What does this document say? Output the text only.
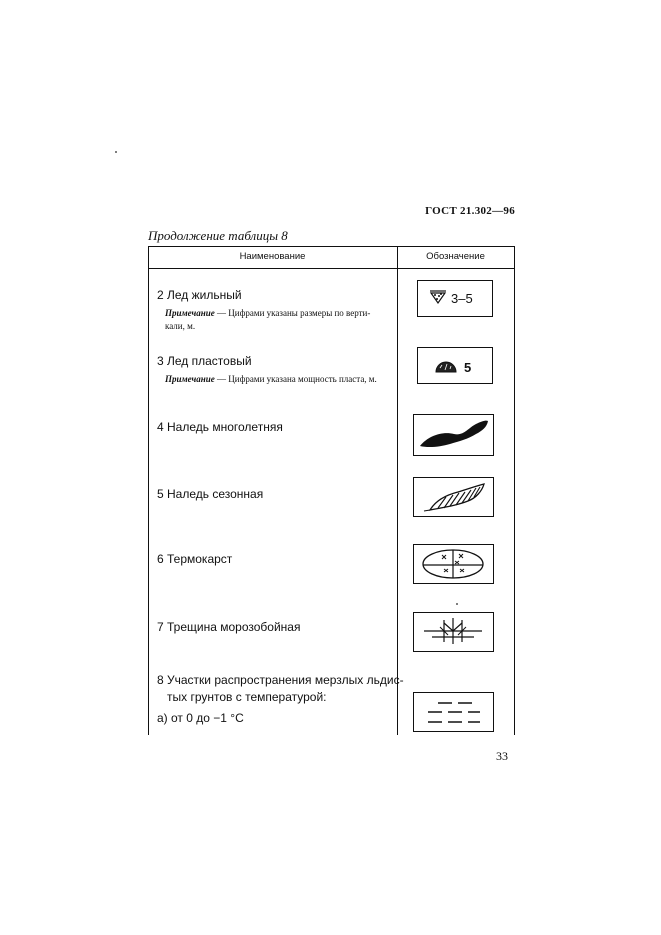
ГОСТ 21.302—96
Продолжение таблицы 8
Наименование	Обозначение
2 Лед жильный
Примечание — Цифрами указаны размеры по верти-
кали, м.
3–5
3 Лед пластовый
Примечание — Цифрами указана мощность пласта, м.
5
4 Наледь многолетняя
5 Наледь сезонная
6 Термокарст
7 Трещина морозобойная
8 Участки распространения мерзлых льдис-
тых грунтов с температурой:
а) от 0 до −1 °С
33
